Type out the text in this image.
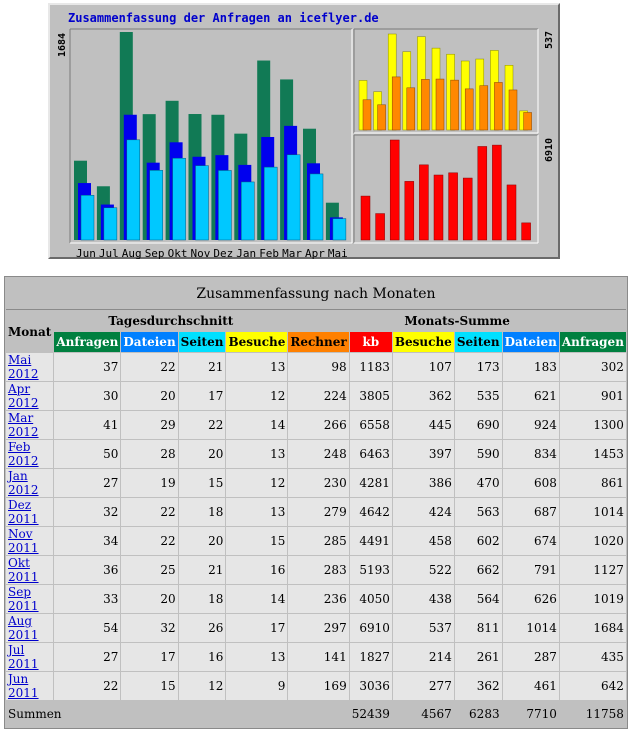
Zusammenfassung der Anfragen an iceflyer.de
1684	537
6910
Jun Jul Aug Sep Okt Nov Dez Jan Feb Mar Apr Mai
Zusammenfassung nach Monaten										
Monat	Tagesdurchschnitt				Monats-Summe					
	Anfragen	Dateien	Seiten	Besuche	Rechner	kb	Besuche	Seiten	Dateien	Anfragen
Mai 2012	37	22	21	13	98	1183	107	173	183	302
Apr 2012	30	20	17	12	224	3805	362	535	621	901
Mar 2012	41	29	22	14	266	6558	445	690	924	1300
Feb 2012	50	28	20	13	248	6463	397	590	834	1453
Jan 2012	27	19	15	12	230	4281	386	470	608	861
Dez 2011	32	22	18	13	279	4642	424	563	687	1014
Nov 2011	34	22	20	15	285	4491	458	602	674	1020
Okt 2011	36	25	21	16	283	5193	522	662	791	1127
Sep 2011	33	20	18	14	236	4050	438	564	626	1019
Aug 2011	54	32	26	17	297	6910	537	811	1014	1684
Jul 2011	27	17	16	13	141	1827	214	261	287	435
Jun 2011	22	15	12	9	169	3036	277	362	461	642
Summen						52439	4567	6283	7710	11758
